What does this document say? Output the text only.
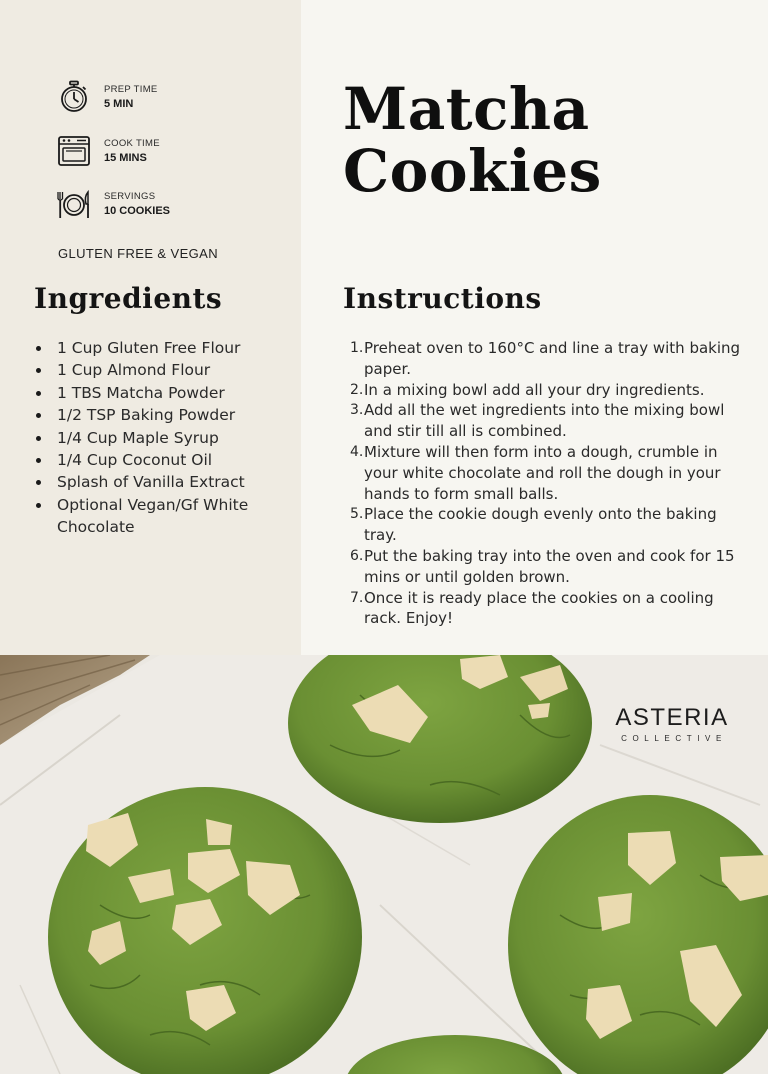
PREP TIME
5 MIN
COOK TIME
15 MINS
SERVINGS
10 COOKIES
GLUTEN FREE & VEGAN
Matcha
Cookies
Ingredients	Instructions
1 Cup Gluten Free Flour
1 Cup Almond Flour
1 TBS Matcha Powder
1/2 TSP Baking Powder
1/4 Cup Maple Syrup
1/4 Cup Coconut Oil
Splash of Vanilla Extract
Optional Vegan/Gf White Chocolate
1. Preheat oven to 160°C and line a tray with baking paper.
2. In a mixing bowl add all your dry ingredients.
3. Add all the wet ingredients into the mixing bowl and stir till all is combined.
4. Mixture will then form into a dough, crumble in your white chocolate and roll the dough in your hands to form small balls.
5. Place the cookie dough evenly onto the baking tray.
6. Put the baking tray into the oven and cook for 15 mins or until golden brown.
7. Once it is ready place the cookies on a cooling rack. Enjoy!
ASTERIA
COLLECTIVE
